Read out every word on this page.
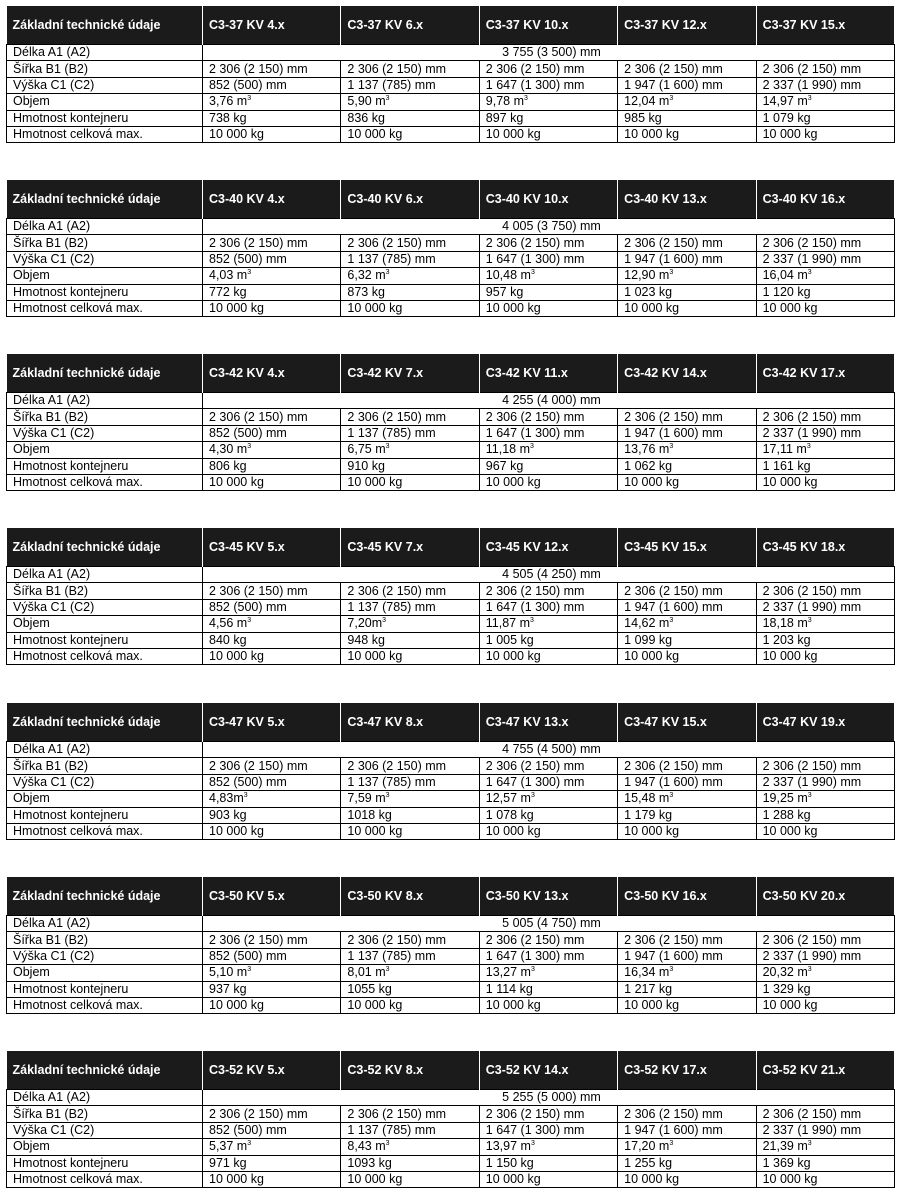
Základní technické údaje	C3-37 KV 4.x	C3-37 KV 6.x	C3-37 KV 10.x	C3-37 KV 12.x	C3-37 KV 15.x
Délka A1 (A2)	3 755 (3 500) mm				
Šířka B1 (B2)	2 306 (2 150) mm	2 306 (2 150) mm	2 306 (2 150) mm	2 306 (2 150) mm	2 306 (2 150) mm
Výška C1 (C2)	852 (500) mm	1 137 (785) mm	1 647 (1 300) mm	1 947 (1 600) mm	2 337 (1 990) mm
Objem	3,76 $m^3$	5,90 $m^3$	9,78 $m^3$	12,04 $m^3$	14,97 $m^3$
Hmotnost kontejneru	738 kg	836 kg	897 kg	985 kg	1 079 kg
Hmotnost celková max.	10 000 kg	10 000 kg	10 000 kg	10 000 kg	10 000 kg
Základní technické údaje	C3-40 KV 4.x	C3-40 KV 6.x	C3-40 KV 10.x	C3-40 KV 13.x	C3-40 KV 16.x
Délka A1 (A2)	4 005 (3 750) mm				
Šířka B1 (B2)	2 306 (2 150) mm	2 306 (2 150) mm	2 306 (2 150) mm	2 306 (2 150) mm	2 306 (2 150) mm
Výška C1 (C2)	852 (500) mm	1 137 (785) mm	1 647 (1 300) mm	1 947 (1 600) mm	2 337 (1 990) mm
Objem	4,03 $m^3$	6,32 $m^3$	10,48 $m^3$	12,90 $m^3$	16,04 $m^3$
Hmotnost kontejneru	772 kg	873 kg	957 kg	1 023 kg	1 120 kg
Hmotnost celková max.	10 000 kg	10 000 kg	10 000 kg	10 000 kg	10 000 kg
Základní technické údaje	C3-42 KV 4.x	C3-42 KV 7.x	C3-42 KV 11.x	C3-42 KV 14.x	C3-42 KV 17.x
Délka A1 (A2)	4 255 (4 000) mm				
Šířka B1 (B2)	2 306 (2 150) mm	2 306 (2 150) mm	2 306 (2 150) mm	2 306 (2 150) mm	2 306 (2 150) mm
Výška C1 (C2)	852 (500) mm	1 137 (785) mm	1 647 (1 300) mm	1 947 (1 600) mm	2 337 (1 990) mm
Objem	4,30 $m^3$	6,75 $m^3$	11,18 $m^3$	13,76 $m^3$	17,11 $m^3$
Hmotnost kontejneru	806 kg	910 kg	967 kg	1 062 kg	1 161 kg
Hmotnost celková max.	10 000 kg	10 000 kg	10 000 kg	10 000 kg	10 000 kg
Základní technické údaje	C3-45 KV 5.x	C3-45 KV 7.x	C3-45 KV 12.x	C3-45 KV 15.x	C3-45 KV 18.x
Délka A1 (A2)	4 505 (4 250) mm				
Šířka B1 (B2)	2 306 (2 150) mm	2 306 (2 150) mm	2 306 (2 150) mm	2 306 (2 150) mm	2 306 (2 150) mm
Výška C1 (C2)	852 (500) mm	1 137 (785) mm	1 647 (1 300) mm	1 947 (1 600) mm	2 337 (1 990) mm
Objem	4,56 $m^3$	$7,20m^3$	11,87 $m^3$	14,62 $m^3$	18,18 $m^3$
Hmotnost kontejneru	840 kg	948 kg	1 005 kg	1 099 kg	1 203 kg
Hmotnost celková max.	10 000 kg	10 000 kg	10 000 kg	10 000 kg	10 000 kg
Základní technické údaje	C3-47 KV 5.x	C3-47 KV 8.x	C3-47 KV 13.x	C3-47 KV 15.x	C3-47 KV 19.x
Délka A1 (A2)	4 755 (4 500) mm				
Šířka B1 (B2)	2 306 (2 150) mm	2 306 (2 150) mm	2 306 (2 150) mm	2 306 (2 150) mm	2 306 (2 150) mm
Výška C1 (C2)	852 (500) mm	1 137 (785) mm	1 647 (1 300) mm	1 947 (1 600) mm	2 337 (1 990) mm
Objem	$4,83m^3$	7,59 $m^3$	12,57 $m^3$	15,48 $m^3$	19,25 $m^3$
Hmotnost kontejneru	903 kg	1018 kg	1 078 kg	1 179 kg	1 288 kg
Hmotnost celková max.	10 000 kg	10 000 kg	10 000 kg	10 000 kg	10 000 kg
Základní technické údaje	C3-50 KV 5.x	C3-50 KV 8.x	C3-50 KV 13.x	C3-50 KV 16.x	C3-50 KV 20.x
Délka A1 (A2)	5 005 (4 750) mm				
Šířka B1 (B2)	2 306 (2 150) mm	2 306 (2 150) mm	2 306 (2 150) mm	2 306 (2 150) mm	2 306 (2 150) mm
Výška C1 (C2)	852 (500) mm	1 137 (785) mm	1 647 (1 300) mm	1 947 (1 600) mm	2 337 (1 990) mm
Objem	5,10 $m^3$	8,01 $m^3$	13,27 $m^3$	16,34 $m^3$	20,32 $m^3$
Hmotnost kontejneru	937 kg	1055 kg	1 114 kg	1 217 kg	1 329 kg
Hmotnost celková max.	10 000 kg	10 000 kg	10 000 kg	10 000 kg	10 000 kg
Základní technické údaje	C3-52 KV 5.x	C3-52 KV 8.x	C3-52 KV 14.x	C3-52 KV 17.x	C3-52 KV 21.x
Délka A1 (A2)	5 255 (5 000) mm				
Šířka B1 (B2)	2 306 (2 150) mm	2 306 (2 150) mm	2 306 (2 150) mm	2 306 (2 150) mm	2 306 (2 150) mm
Výška C1 (C2)	852 (500) mm	1 137 (785) mm	1 647 (1 300) mm	1 947 (1 600) mm	2 337 (1 990) mm
Objem	5,37 $m^3$	8,43 $m^3$	13,97 $m^3$	17,20 $m^3$	21,39 $m^3$
Hmotnost kontejneru	971 kg	1093 kg	1 150 kg	1 255 kg	1 369 kg
Hmotnost celková max.	10 000 kg	10 000 kg	10 000 kg	10 000 kg	10 000 kg
